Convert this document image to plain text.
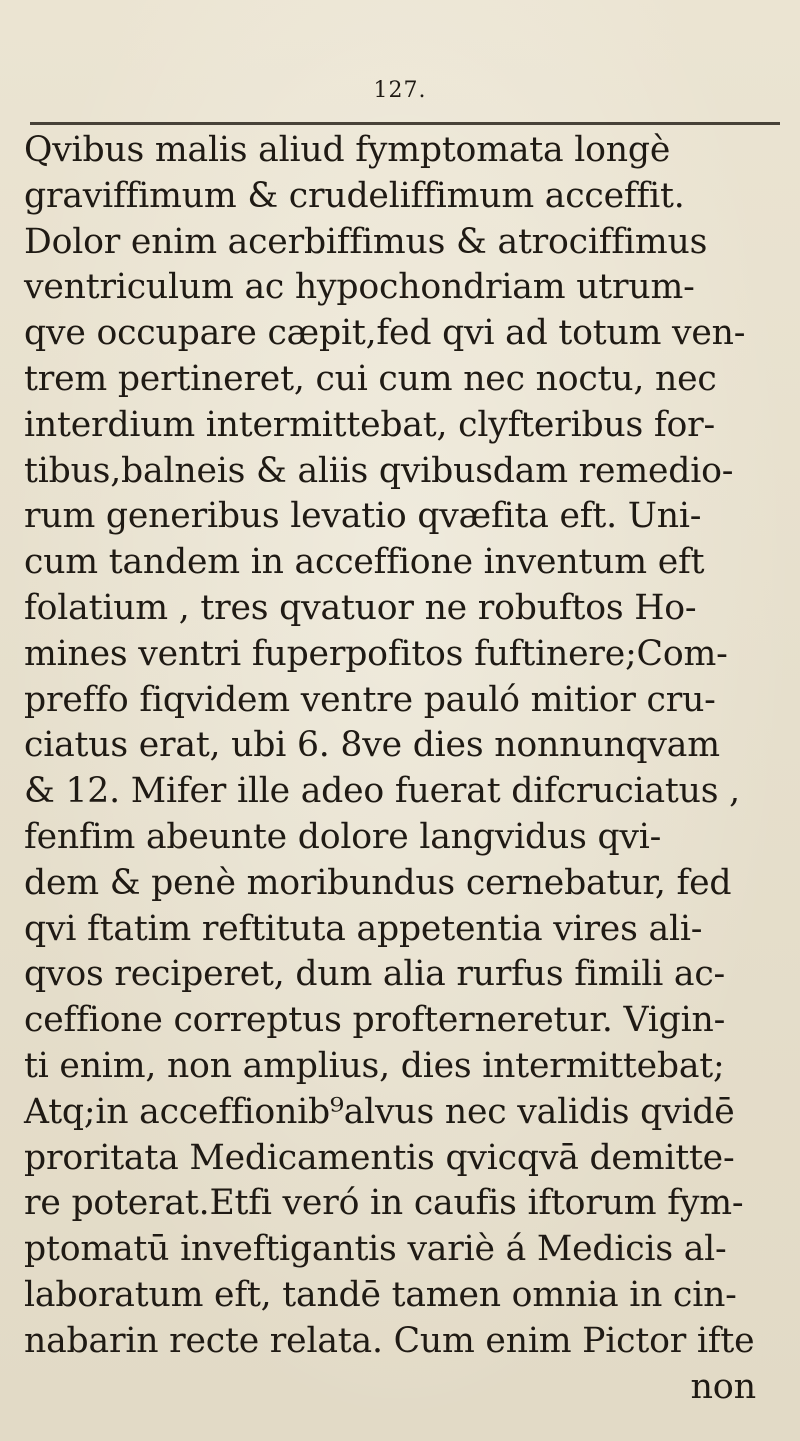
127.
Qvibus malis aliud fymptomata longè
graviffimum & crudeliffimum acceffit.
Dolor enim acerbiffimus & atrociffimus
ventriculum ac hypochondriam utrum-
qve occupare cæpit,fed qvi ad totum ven-
trem pertineret, cui cum nec noctu, nec
interdium intermittebat, clyfteribus for-
tibus,balneis & aliis qvibusdam remedio-
rum generibus levatio qvæfita eft. Uni-
cum tandem in acceffione inventum eft
folatium , tres qvatuor ne robuftos Ho-
mines ventri fuperpofitos fuftinere;Com-
preffo fiqvidem ventre pauló mitior cru-
ciatus erat, ubi 6. 8ve dies nonnunqvam
& 12. Mifer ille adeo fuerat difcruciatus ,
fenfim abeunte dolore langvidus qvi-
dem & penè moribundus cernebatur, fed
qvi ftatim reftituta appetentia vires ali-
qvos reciperet, dum alia rurfus fimili ac-
ceffione correptus profterneretur. Vigin-
ti enim, non amplius, dies intermittebat;
Atq;in acceffionib⁹alvus nec validis qvidē
proritata Medicamentis qvicqvā demitte-
re poterat.Etfi veró in caufis iftorum fym-
ptomatū inveftigantis variè á Medicis al-
laboratum eft, tandē tamen omnia in cin-
nabarin recte relata. Cum enim Pictor ifte
non
